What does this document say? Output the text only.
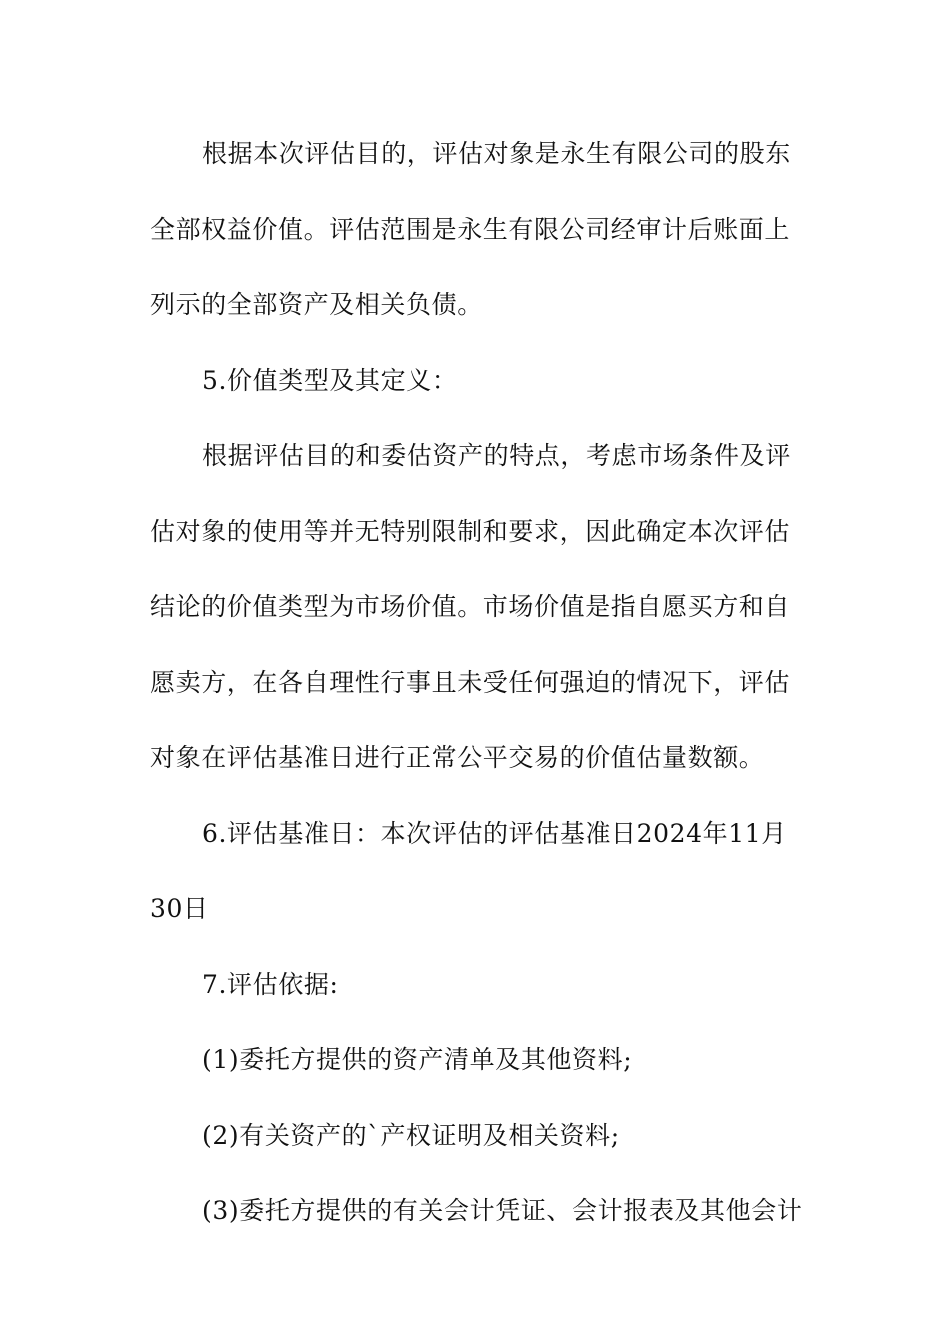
根据本次评估目的，评估对象是永生有限公司的股东
全部权益价值。评估范围是永生有限公司经审计后账面上
列示的全部资产及相关负债。

5.价值类型及其定义：

根据评估目的和委估资产的特点，考虑市场条件及评
估对象的使用等并无特别限制和要求，因此确定本次评估
结论的价值类型为市场价值。市场价值是指自愿买方和自
愿卖方，在各自理性行事且未受任何强迫的情况下，评估
对象在评估基准日进行正常公平交易的价值估量数额。

6.评估基准日：本次评估的评估基准日2024年11月
30日

7.评估依据:

(1)委托方提供的资产清单及其他资料;

(2)有关资产的`产权证明及相关资料;

(3)委托方提供的有关会计凭证、会计报表及其他会计
